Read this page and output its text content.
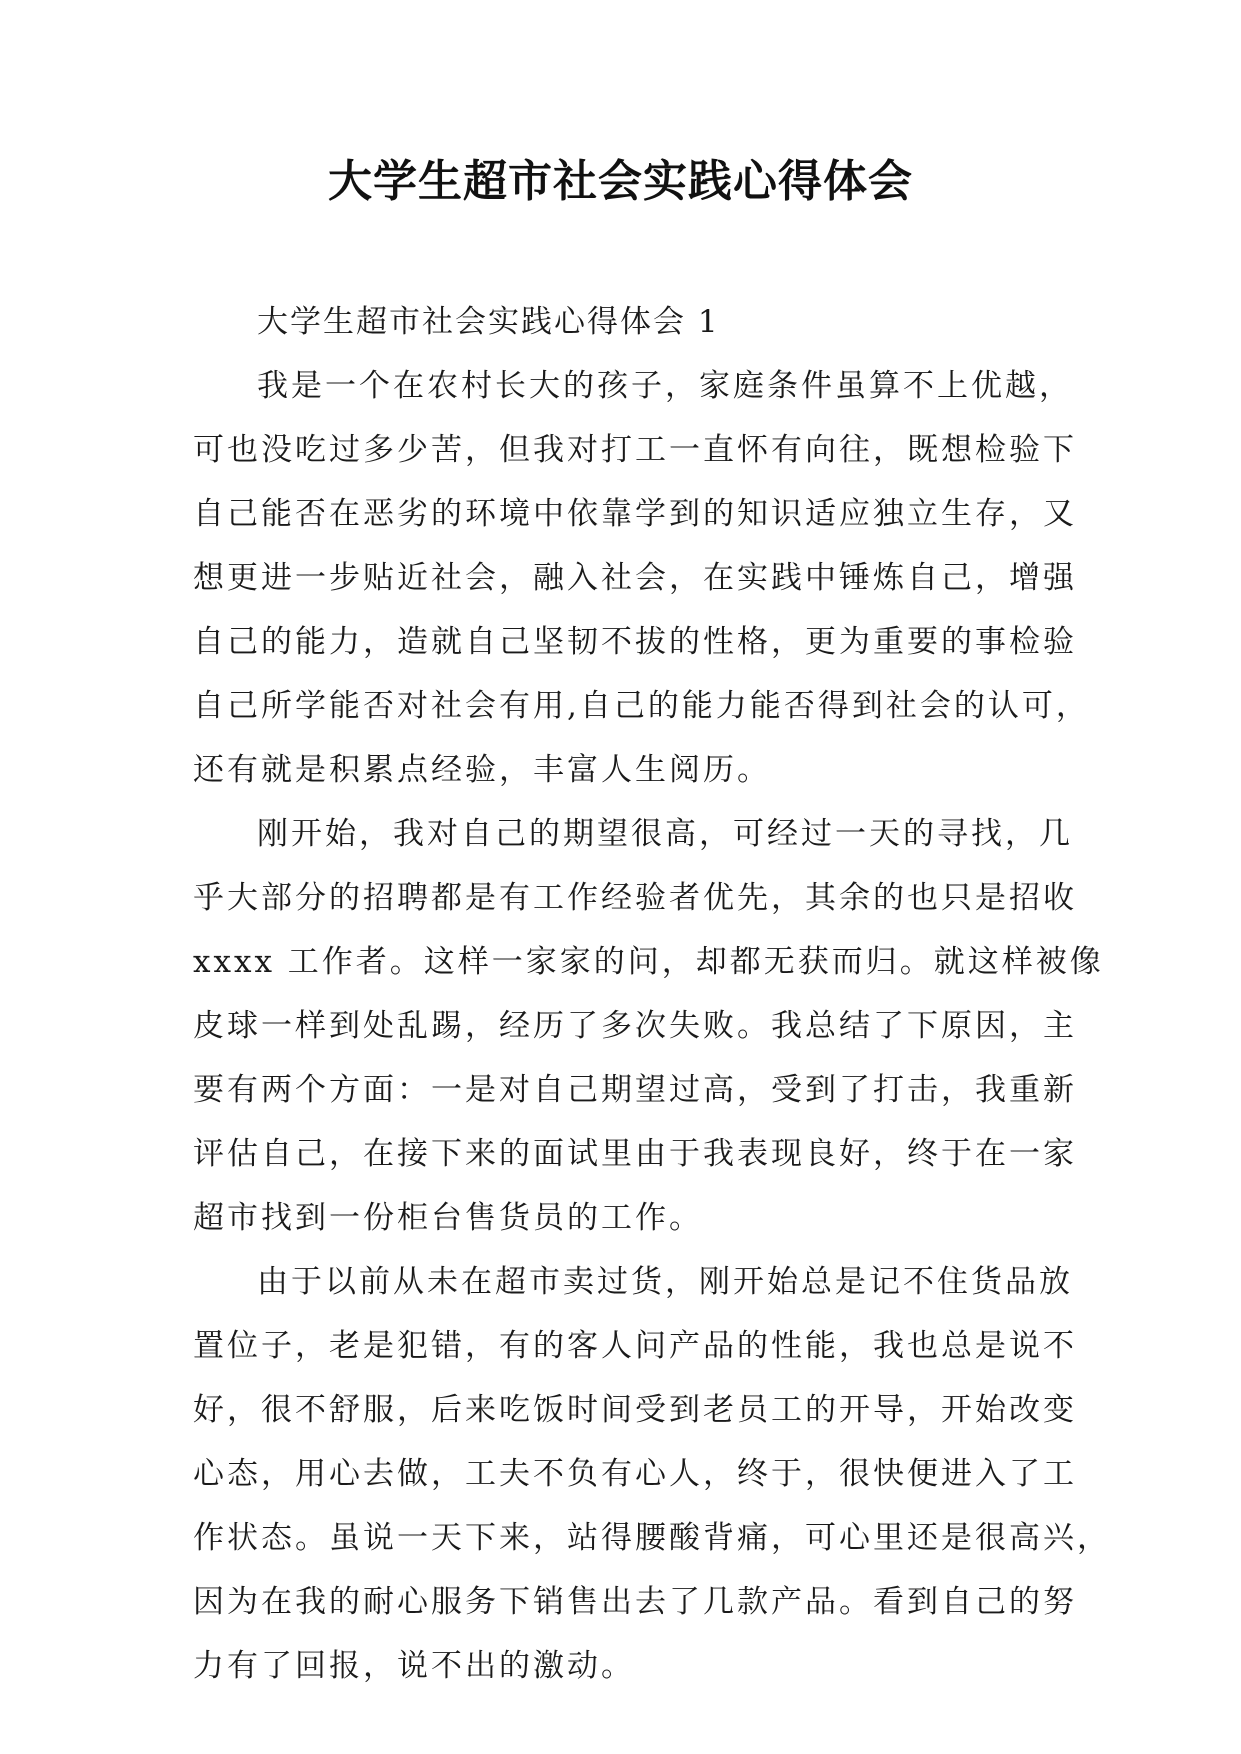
大学生超市社会实践心得体会

大学生超市社会实践心得体会 1

我是一个在农村长大的孩子，家庭条件虽算不上优越，
可也没吃过多少苦，但我对打工一直怀有向往，既想检验下
自己能否在恶劣的环境中依靠学到的知识适应独立生存，又
想更进一步贴近社会，融入社会，在实践中锤炼自己，增强
自己的能力，造就自己坚韧不拔的性格，更为重要的事检验
自己所学能否对社会有用,自己的能力能否得到社会的认可，
还有就是积累点经验，丰富人生阅历。
刚开始，我对自己的期望很高，可经过一天的寻找，几
乎大部分的招聘都是有工作经验者优先，其余的也只是招收
xxxx 工作者。这样一家家的问，却都无获而归。就这样被像
皮球一样到处乱踢，经历了多次失败。我总结了下原因，主
要有两个方面：一是对自己期望过高，受到了打击，我重新
评估自己，在接下来的面试里由于我表现良好，终于在一家
超市找到一份柜台售货员的工作。
由于以前从未在超市卖过货，刚开始总是记不住货品放
置位子，老是犯错，有的客人问产品的性能，我也总是说不
好，很不舒服，后来吃饭时间受到老员工的开导，开始改变
心态，用心去做，工夫不负有心人，终于，很快便进入了工
作状态。虽说一天下来，站得腰酸背痛，可心里还是很高兴，
因为在我的耐心服务下销售出去了几款产品。看到自己的努
力有了回报，说不出的激动。
